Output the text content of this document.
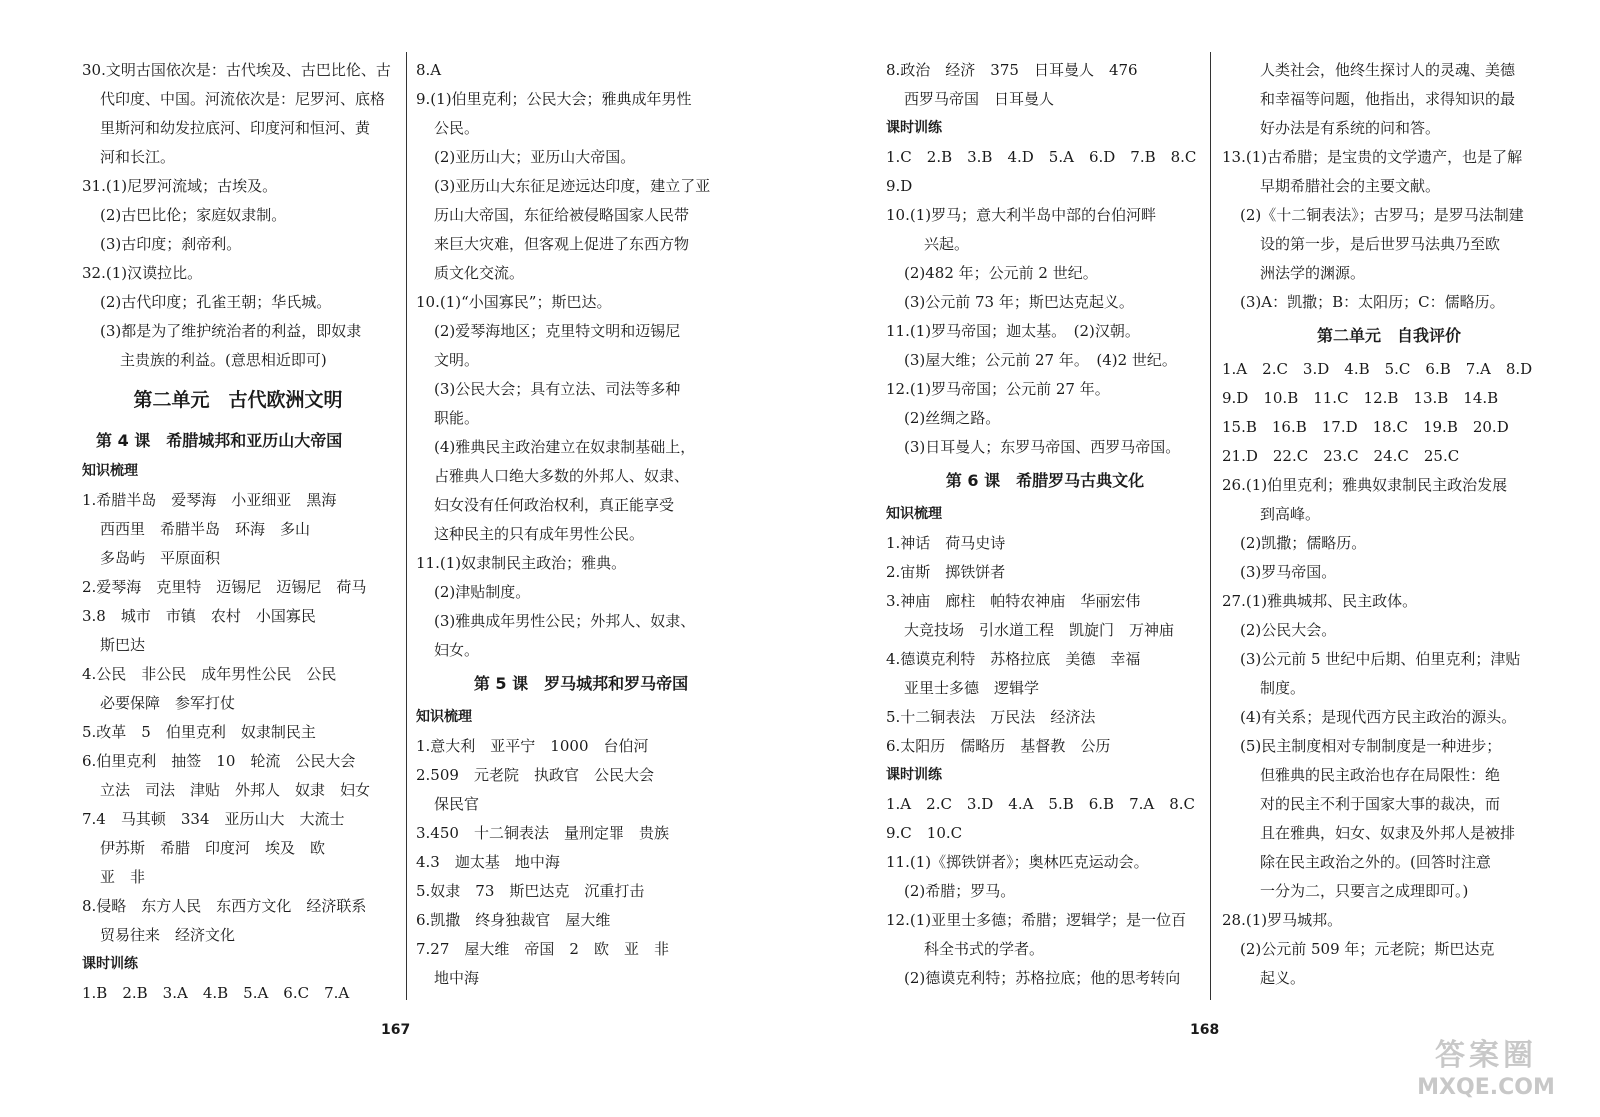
30.文明古国依次是：古代埃及、古巴比伦、古
代印度、中国。河流依次是：尼罗河、底格
里斯河和幼发拉底河、印度河和恒河、黄
河和长江。
31.(1)尼罗河流域；古埃及。
(2)古巴比伦；家庭奴隶制。
(3)古印度；刹帝利。
32.(1)汉谟拉比。
(2)古代印度；孔雀王朝；华氏城。
(3)都是为了维护统治者的利益，即奴隶
主贵族的利益。(意思相近即可)
第二单元　古代欧洲文明
第 4 课　希腊城邦和亚历山大帝国
知识梳理
1.希腊半岛　爱琴海　小亚细亚　黑海
西西里　希腊半岛　环海　多山
多岛屿　平原面积
2.爱琴海　克里特　迈锡尼　迈锡尼　荷马
3.8　城市　市镇　农村　小国寡民
斯巴达
4.公民　非公民　成年男性公民　公民
必要保障　参军打仗
5.改革　5　伯里克利　奴隶制民主
6.伯里克利　抽签　10　轮流　公民大会
立法　司法　津贴　外邦人　奴隶　妇女
7.4　马其顿　334　亚历山大　大流士
伊苏斯　希腊　印度河　埃及　欧
亚　非
8.侵略　东方人民　东西方文化　经济联系
贸易往来　经济文化
课时训练
1.B　2.B　3.A　4.B　5.A　6.C　7.A
8.A
9.(1)伯里克利；公民大会；雅典成年男性
公民。
(2)亚历山大；亚历山大帝国。
(3)亚历山大东征足迹远达印度，建立了亚
历山大帝国，东征给被侵略国家人民带
来巨大灾难，但客观上促进了东西方物
质文化交流。
10.(1)“小国寡民”；斯巴达。
(2)爱琴海地区；克里特文明和迈锡尼
文明。
(3)公民大会；具有立法、司法等多种
职能。
(4)雅典民主政治建立在奴隶制基础上，
占雅典人口绝大多数的外邦人、奴隶、
妇女没有任何政治权利，真正能享受
这种民主的只有成年男性公民。
11.(1)奴隶制民主政治；雅典。
(2)津贴制度。
(3)雅典成年男性公民；外邦人、奴隶、
妇女。
第 5 课　罗马城邦和罗马帝国
知识梳理
1.意大利　亚平宁　1000　台伯河
2.509　元老院　执政官　公民大会
保民官
3.450　十二铜表法　量刑定罪　贵族
4.3　迦太基　地中海
5.奴隶　73　斯巴达克　沉重打击
6.凯撒　终身独裁官　屋大维
7.27　屋大维　帝国　2　欧　亚　非
地中海
8.政治　经济　375　日耳曼人　476
西罗马帝国　日耳曼人
课时训练
1.C　2.B　3.B　4.D　5.A　6.D　7.B　8.C
9.D
10.(1)罗马；意大利半岛中部的台伯河畔
兴起。
(2)482 年；公元前 2 世纪。
(3)公元前 73 年；斯巴达克起义。
11.(1)罗马帝国；迦太基。　(2)汉朝。
(3)屋大维；公元前 27 年。　(4)2 世纪。
12.(1)罗马帝国；公元前 27 年。
(2)丝绸之路。
(3)日耳曼人；东罗马帝国、西罗马帝国。
第 6 课　希腊罗马古典文化
知识梳理
1.神话　荷马史诗
2.宙斯　掷铁饼者
3.神庙　廊柱　帕特农神庙　华丽宏伟
大竞技场　引水道工程　凯旋门　万神庙
4.德谟克利特　苏格拉底　美德　幸福
亚里士多德　逻辑学
5.十二铜表法　万民法　经济法
6.太阳历　儒略历　基督教　公历
课时训练
1.A　2.C　3.D　4.A　5.B　6.B　7.A　8.C
9.C　10.C
11.(1)《掷铁饼者》；奥林匹克运动会。
(2)希腊；罗马。
12.(1)亚里士多德；希腊；逻辑学；是一位百
科全书式的学者。
(2)德谟克利特；苏格拉底；他的思考转向
人类社会，他终生探讨人的灵魂、美德
和幸福等问题，他指出，求得知识的最
好办法是有系统的问和答。
13.(1)古希腊；是宝贵的文学遗产，也是了解
早期希腊社会的主要文献。
(2)《十二铜表法》；古罗马；是罗马法制建
设的第一步，是后世罗马法典乃至欧
洲法学的渊源。
(3)A：凯撒；B：太阳历；C：儒略历。
第二单元　自我评价
1.A　2.C　3.D　4.B　5.C　6.B　7.A　8.D
9.D　10.B　11.C　12.B　13.B　14.B
15.B　16.B　17.D　18.C　19.B　20.D
21.D　22.C　23.C　24.C　25.C
26.(1)伯里克利；雅典奴隶制民主政治发展
到高峰。
(2)凯撒；儒略历。
(3)罗马帝国。
27.(1)雅典城邦、民主政体。
(2)公民大会。
(3)公元前 5 世纪中后期、伯里克利；津贴
制度。
(4)有关系；是现代西方民主政治的源头。
(5)民主制度相对专制制度是一种进步；
但雅典的民主政治也存在局限性：绝
对的民主不利于国家大事的裁决，而
且在雅典，妇女、奴隶及外邦人是被排
除在民主政治之外的。(回答时注意
一分为二，只要言之成理即可。)
28.(1)罗马城邦。
(2)公元前 509 年；元老院；斯巴达克
起义。
167	168
答案圈
MXQE.COM
